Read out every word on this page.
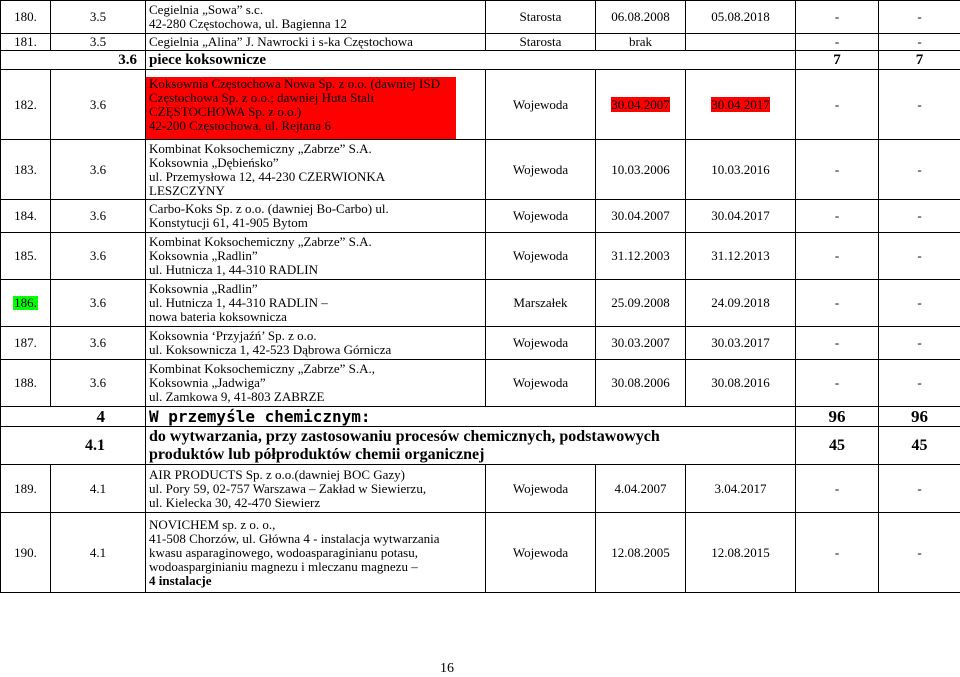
180.	3.5	Cegielnia „Sowa” s.c.
42-280 Częstochowa, ul. Bagienna 12	Starosta	06.08.2008	05.08.2018	-	-
181.	3.5	Cegielnia „Alina” J. Nawrocki i s-ka Częstochowa	Starosta	brak		-	-
3.6		piece koksownicze				7	7
182.	3.6	Koksownia Częstochowa Nowa Sp. z o.o. (dawniej ISD
Częstochowa Sp. z o.o.; dawniej Huta Stali
CZĘSTOCHOWA Sp. z o.o.)
42-200 Częstochowa, ul. Rejtana 6	Wojewoda	30.04.2007	30.04.2017	-	-
183.	3.6	Kombinat Koksochemiczny „Zabrze” S.A.
Koksownia „Dębieńsko”
ul. Przemysłowa 12, 44-230 CZERWIONKA
LESZCZYNY	Wojewoda	10.03.2006	10.03.2016	-	-
184.	3.6	Carbo-Koks Sp. z o.o. (dawniej Bo-Carbo) ul.
Konstytucji 61, 41-905 Bytom	Wojewoda	30.04.2007	30.04.2017	-	-
185.	3.6	Kombinat Koksochemiczny „Zabrze” S.A.
Koksownia „Radlin”
ul. Hutnicza 1, 44-310 RADLIN	Wojewoda	31.12.2003	31.12.2013	-	-
186.	3.6	Koksownia „Radlin”
ul. Hutnicza 1, 44-310 RADLIN –
nowa bateria koksownicza	Marszałek	25.09.2008	24.09.2018	-	-
187.	3.6	Koksownia ‘Przyjaźń’ Sp. z o.o.
ul. Koksownicza 1, 42-523 Dąbrowa Górnicza	Wojewoda	30.03.2007	30.03.2017	-	-
188.	3.6	Kombinat Koksochemiczny „Zabrze” S.A.,
Koksownia „Jadwiga”
ul. Zamkowa 9, 41-803 ZABRZE	Wojewoda	30.08.2006	30.08.2016	-	-
4		W przemyśle chemicznym:				96	96
4.1		do wytwarzania, przy zastosowaniu procesów chemicznych, podstawowych
produktów lub półproduktów chemii organicznej				45	45
189.	4.1	AIR PRODUCTS Sp. z o.o.(dawniej BOC Gazy)
ul. Pory 59, 02-757 Warszawa – Zakład w Siewierzu,
ul. Kielecka 30, 42-470 Siewierz	Wojewoda	4.04.2007	3.04.2017	-	-
190.	4.1	NOVICHEM sp. z o. o.,
41-508 Chorzów, ul. Główna 4 - instalacja wytwarzania
kwasu asparaginowego, wodoasparaginianu potasu,
wodoasparginianiu magnezu i mleczanu magnezu –
4 instalacje	Wojewoda	12.08.2005	12.08.2015	-	-
16
